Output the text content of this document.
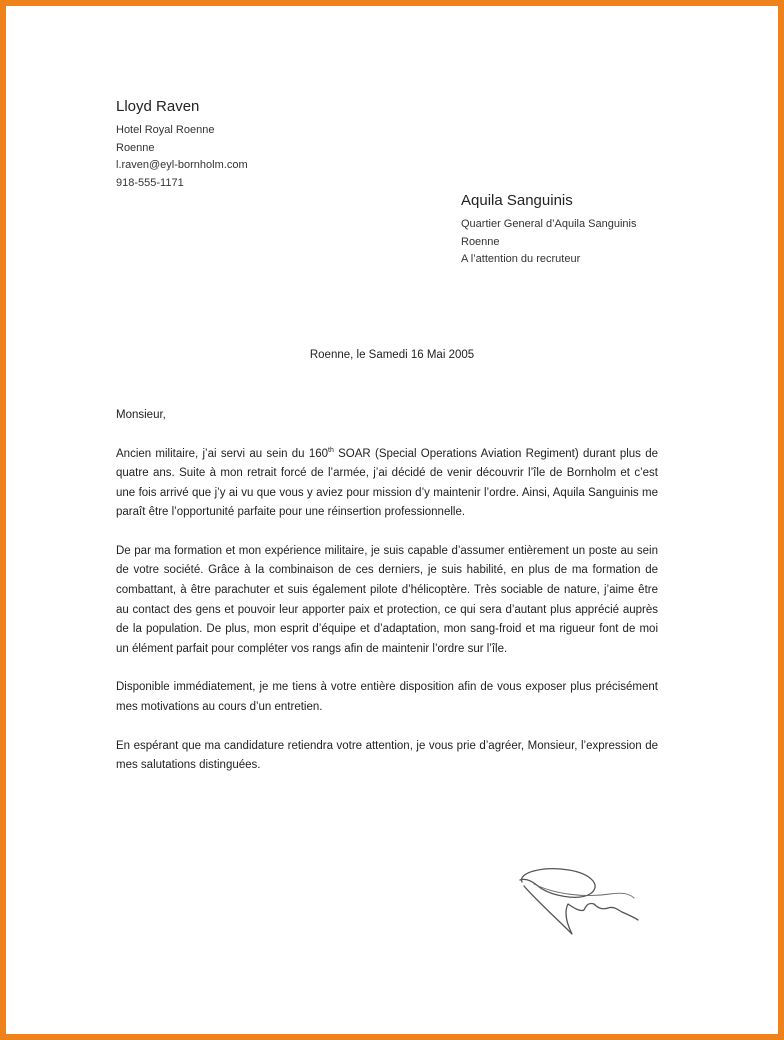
Lloyd Raven
Hotel Royal Roenne
Roenne
l.raven@eyl-bornholm.com
918-555-1171
Aquila Sanguinis
Quartier General d’Aquila Sanguinis
Roenne
A l’attention du recruteur
Roenne, le Samedi 16 Mai 2005

Monsieur,

Ancien militaire, j’ai servi au sein du 160th SOAR (Special Operations Aviation Regiment) durant plus de quatre ans. Suite à mon retrait forcé de l’armée, j’ai décidé de venir découvrir l’île de Bornholm et c’est une fois arrivé que j’y ai vu que vous y aviez pour mission d’y maintenir l’ordre. Ainsi, Aquila Sanguinis me paraît être l’opportunité parfaite pour une réinsertion professionnelle.

De par ma formation et mon expérience militaire, je suis capable d’assumer entièrement un poste au sein de votre société. Grâce à la combinaison de ces derniers, je suis habilité, en plus de ma formation de combattant, à être parachuter et suis également pilote d’hélicoptère. Très sociable de nature, j’aime être au contact des gens et pouvoir leur apporter paix et protection, ce qui sera d’autant plus apprécié auprès de la population. De plus, mon esprit d’équipe et d’adaptation, mon sang-froid et ma rigueur font de moi un élément parfait pour compléter vos rangs afin de maintenir l’ordre sur l’île.

Disponible immédiatement, je me tiens à votre entière disposition afin de vous exposer plus précisément mes motivations au cours d’un entretien.

En espérant que ma candidature retiendra votre attention, je vous prie d’agréer, Monsieur, l’expression de mes salutations distinguées.
